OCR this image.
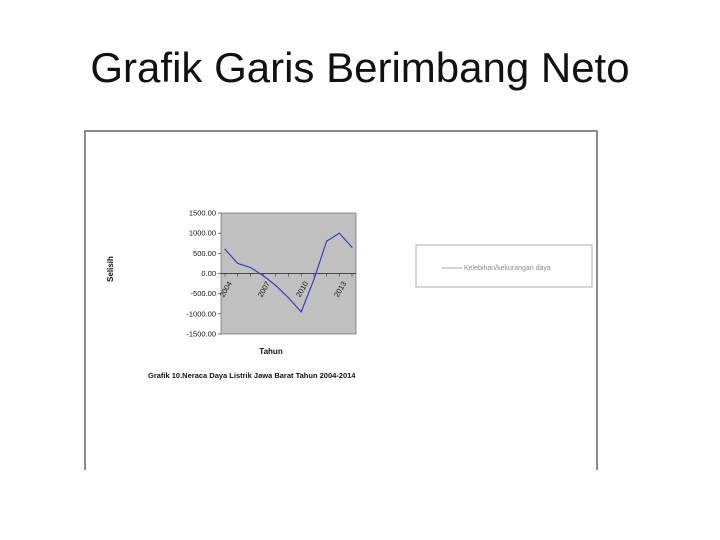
Grafik Garis Berimbang Neto
1500.00
1000.00
500.00
0.00
-500.00
-1000.00
-1500.00
2004	2007	2010	2013
Selisih
Tahun
Grafik 10.Neraca Daya Listrik Jawa Barat Tahun 2004-2014
Kelebihan/kekurangan daya
